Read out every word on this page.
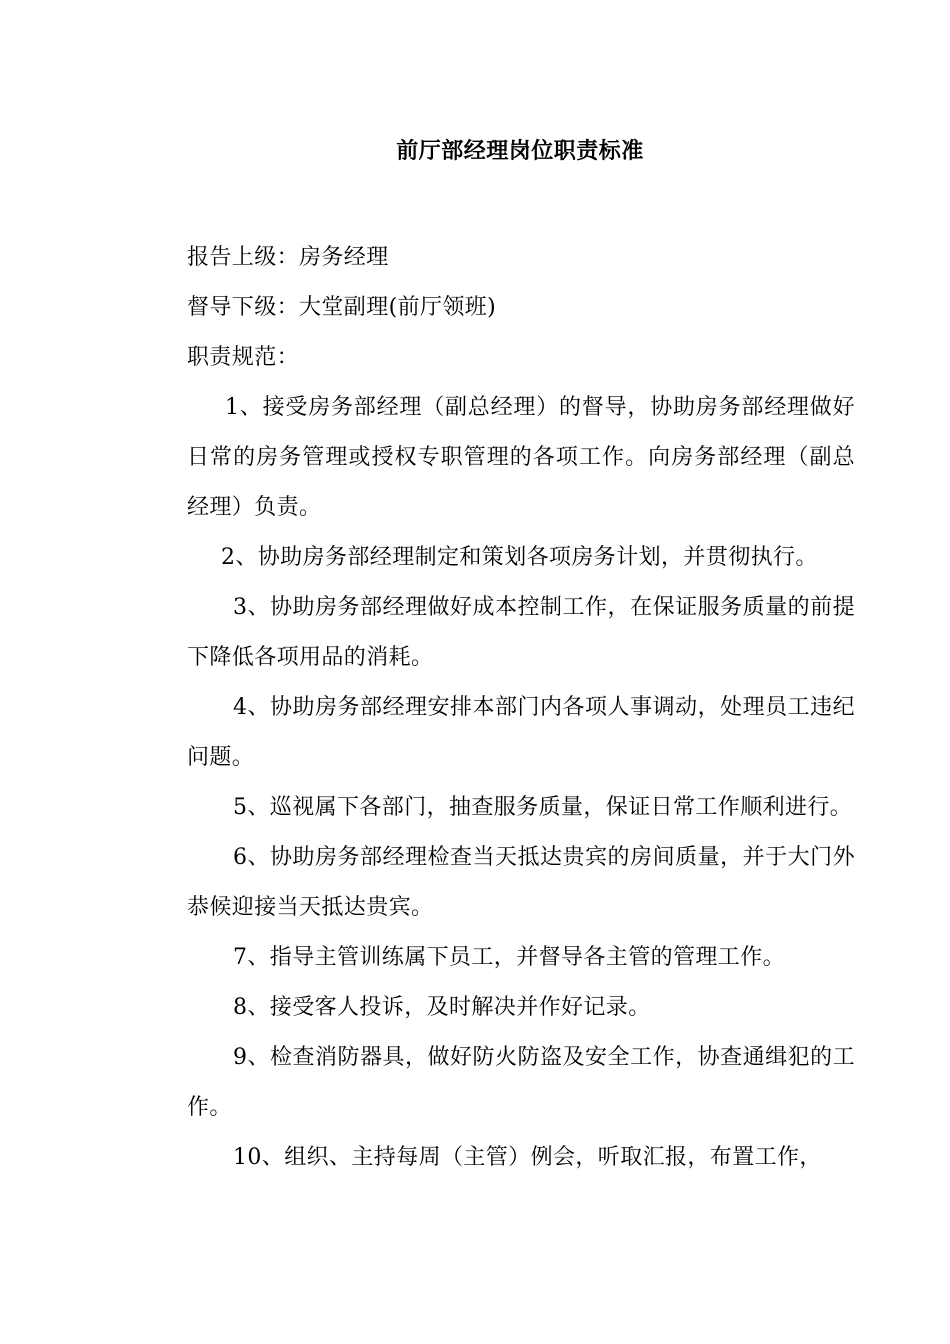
前厅部经理岗位职责标准
报告上级：房务经理
督导下级：大堂副理(前厅领班)
职责规范：

1、接受房务部经理（副总经理）的督导，协助房务部经理做好日常的房务管理或授权专职管理的各项工作。向房务部经理（副总经理）负责。

2、协助房务部经理制定和策划各项房务计划，并贯彻执行。

3、协助房务部经理做好成本控制工作，在保证服务质量的前提下降低各项用品的消耗。

4、协助房务部经理安排本部门内各项人事调动，处理员工违纪问题。

5、巡视属下各部门，抽查服务质量，保证日常工作顺利进行。

6、协助房务部经理检查当天抵达贵宾的房间质量，并于大门外恭候迎接当天抵达贵宾。

7、指导主管训练属下员工，并督导各主管的管理工作。

8、接受客人投诉，及时解决并作好记录。

9、检查消防器具，做好防火防盗及安全工作，协查通缉犯的工作。

10、组织、主持每周（主管）例会，听取汇报，布置工作，
